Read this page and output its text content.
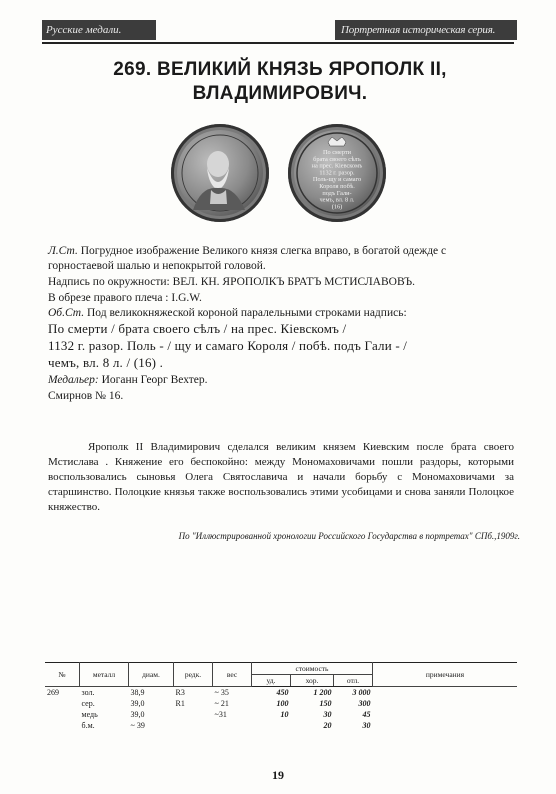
Русские медали.	Портретная историческая серия.
269. ВЕЛИКИЙ КНЯЗЬ ЯРОПОЛК II,
ВЛАДИМИРОВИЧ.
По смерти брата своего сѣлъ на прес. Кіевскомъ 1132 г. разор. Поль-щу и самаго Короля побѣ. подъ Гали-чемъ, вл. 8 л. (16)
Л.Ст. Погрудное изображение Великого князя слегка вправо, в богатой одежде с горностаевой шалью и непокрытой головой.
Надпись по окружности: ВЕЛ. КН. ЯРОПОЛКЪ БРАТЪ МСТИСЛАВОВЪ.
В обрезе правого плеча : I.G.W.
Об.Ст. Под великокняжеской короной паралельными строками надпись:
По смерти / брата своего сѣлъ / на прес. Кіевскомъ /
1132 г. разор. Поль - / щу и самаго Короля / побѣ. подъ Гали - /
чемъ, вл. 8 л. / (16) .
Медальер: Иоганн Георг Вехтер.
Смирнов № 16.
Ярополк II Владимирович сделался великим князем Киевским после брата своего Мстислава . Княжение его беспокойно: между Мономаховичами пошли раздоры, которыми воспользовались сыновья Олега Святославича и начали борьбу с Мономаховичами за старшинство. Полоцкие князья также воспользовались этими усобицами и снова заняли Полоцкое княжество.
По "Иллюстрированной хронологии Российского Государства в портретах" СПб.,1909г.
№	металл	диам.	редк.	вес	стоимость			примечания
					уд.	хор.	отл.	
269	зол.	38,9	R3	~ 35	450	1 200	3 000	
	сер.	39,0	R1	~ 21	100	150	300	
	медь	39,0		~31	10	30	45	
	б.м.	~ 39				20	30	
19
